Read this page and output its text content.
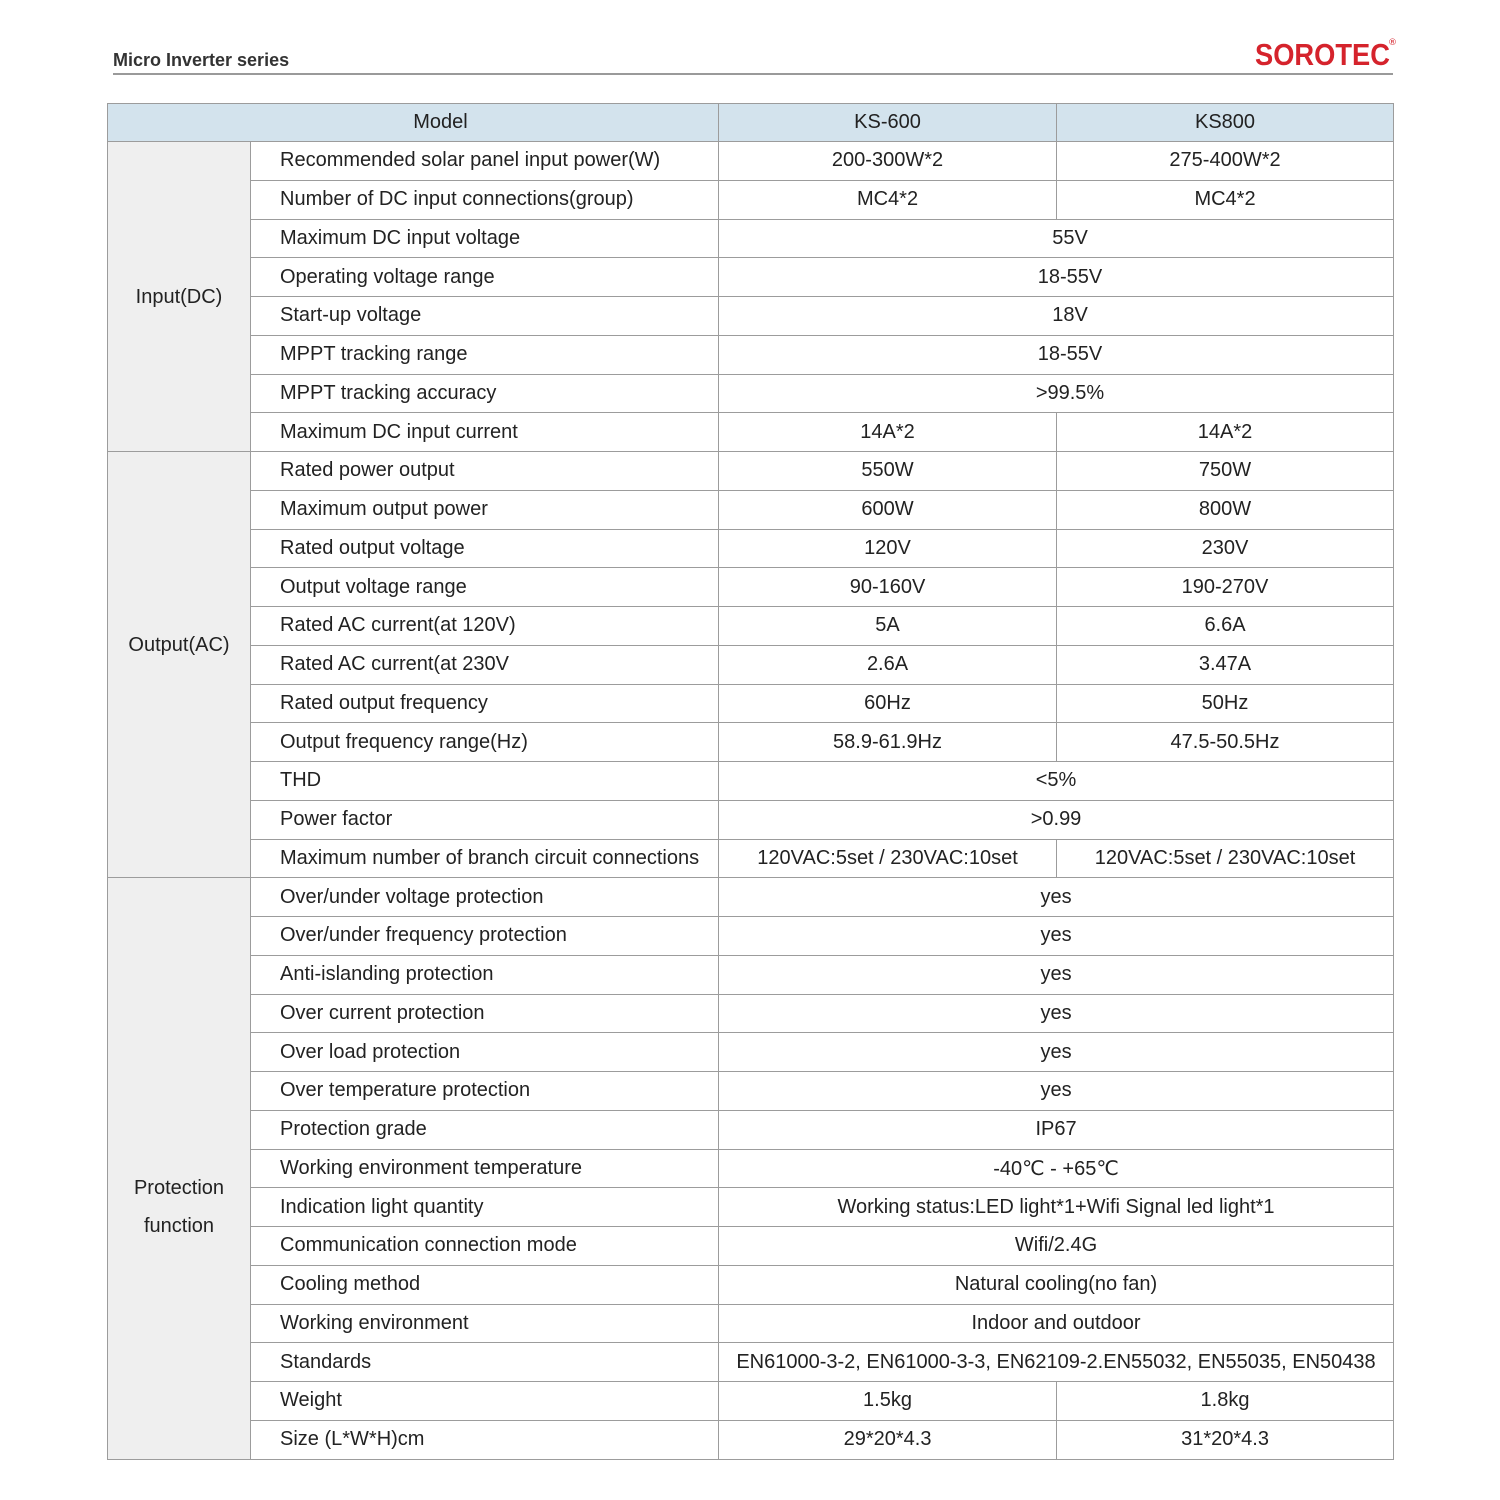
Micro Inverter series	SOROTEC
®
Model		KS-600	KS800

Input(DC)	Recommended solar panel input power(W)	200-300W*2	275-400W*2
	Number of DC input connections(group)	MC4*2	MC4*2
	Maximum DC input voltage	55V	
	Operating voltage range	18-55V	
	Start-up voltage	18V	
	MPPT tracking range	18-55V	
	MPPT tracking accuracy	>99.5%	
	Maximum DC input current	14A*2	14A*2

Output(AC)	Rated power output	550W	750W
	Maximum output power	600W	800W
	Rated output voltage	120V	230V
	Output voltage range	90-160V	190-270V
	Rated AC current(at 120V)	5A	6.6A
	Rated AC current(at 230V	2.6A	3.47A
	Rated output frequency	60Hz	50Hz
	Output frequency range(Hz)	58.9-61.9Hz	47.5-50.5Hz
	THD	<5%	
	Power factor	>0.99	
	Maximum number of branch circuit connections	120VAC:5set / 230VAC:10set	120VAC:5set / 230VAC:10set

Protection
function	Over/under voltage protection	yes	
	Over/under frequency protection	yes	
	Anti-islanding protection	yes	
	Over current protection	yes	
	Over load protection	yes	
	Over temperature protection	yes	
	Protection grade	IP67	
	Working environment temperature	-40℃ - +65℃	
	Indication light quantity	Working status:LED light*1+Wifi Signal led light*1	
	Communication connection mode	Wifi/2.4G	
	Cooling method	Natural cooling(no fan)	
	Working environment	Indoor and outdoor	
	Standards	EN61000-3-2, EN61000-3-3, EN62109-2.EN55032, EN55035, EN50438	
	Weight	1.5kg	1.8kg
	Size (L*W*H)cm	29*20*4.3	31*20*4.3
